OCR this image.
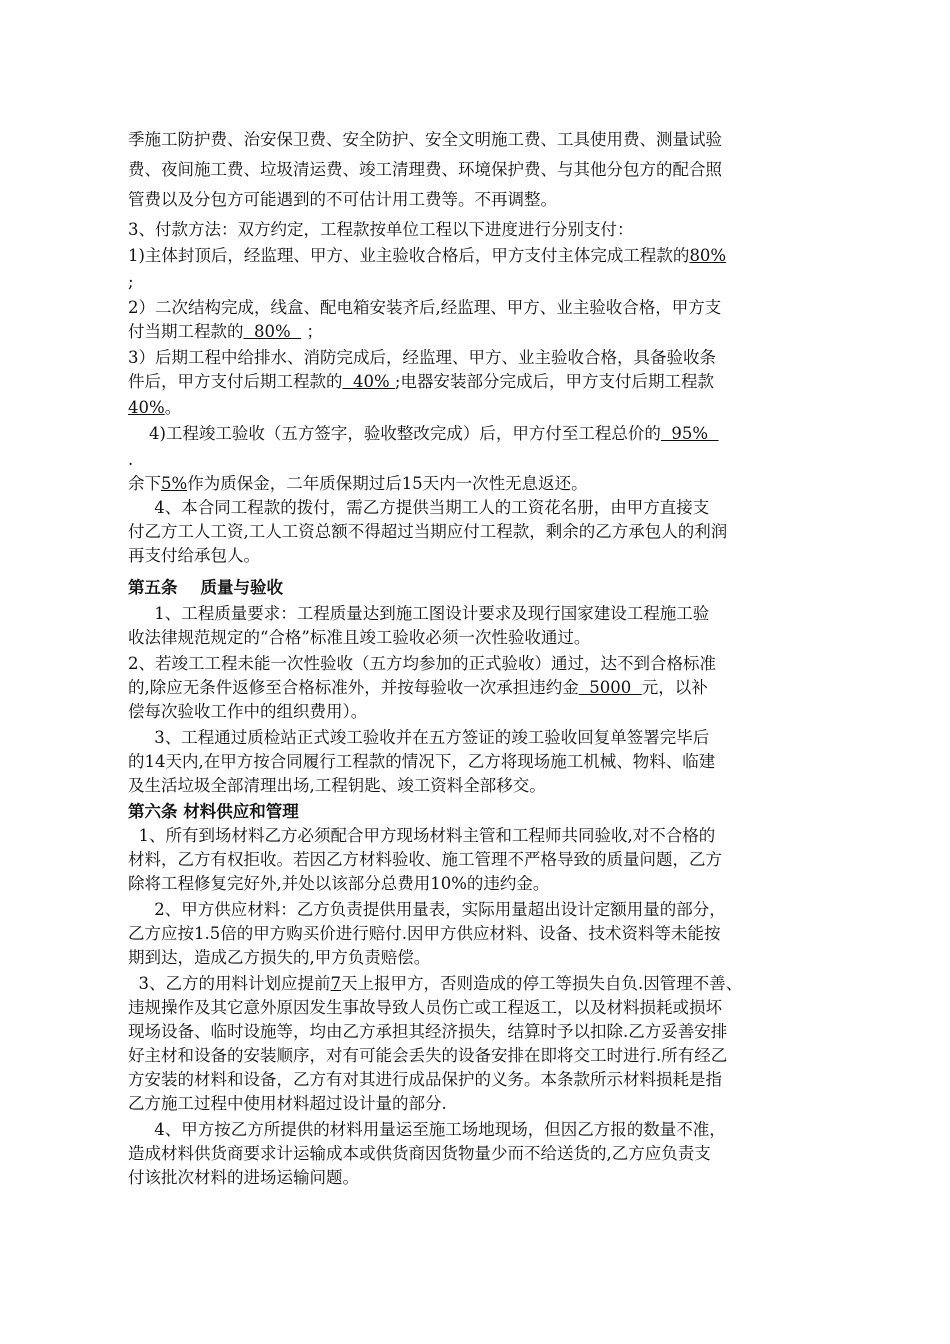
季施工防护费、治安保卫费、安全防护、安全文明施工费、工具使用费、测量试验
费、夜间施工费、垃圾清运费、竣工清理费、环境保护费、与其他分包方的配合照
管费以及分包方可能遇到的不可估计用工费等。不再调整。
3、付款方法：双方约定，工程款按单位工程以下进度进行分别支付：
1)主体封顶后，经监理、甲方、业主验收合格后，甲方支付主体完成工程款的80%
;
2）二次结构完成，线盒、配电箱安装齐后,经监理、甲方、业主验收合格，甲方支
付当期工程款的  80%   ；
3）后期工程中给排水、消防完成后，经监理、甲方、业主验收合格，具备验收条
件后，甲方支付后期工程款的  40% ;电器安装部分完成后，甲方支付后期工程款
40%。
4)工程竣工验收（五方签字，验收整改完成）后，甲方付至工程总价的  95%
.
余下5%作为质保金，二年质保期过后15天内一次性无息返还。
4、本合同工程款的拨付，需乙方提供当期工人的工资花名册，由甲方直接支
付乙方工人工资,工人工资总额不得超过当期应付工程款，剩余的乙方承包人的利润
再支付给承包人。
第五条    质量与验收
1、工程质量要求：工程质量达到施工图设计要求及现行国家建设工程施工验
收法律规范规定的“合格”标准且竣工验收必须一次性验收通过。
2、若竣工工程未能一次性验收（五方均参加的正式验收）通过，达不到合格标准
的,除应无条件返修至合格标准外，并按每验收一次承担违约金  5000  元，以补
偿每次验收工作中的组织费用）。
3、工程通过质检站正式竣工验收并在五方签证的竣工验收回复单签署完毕后
的14天内,在甲方按合同履行工程款的情况下，乙方将现场施工机械、物料、临建
及生活垃圾全部清理出场,工程钥匙、竣工资料全部移交。
第六条 材料供应和管理
1、所有到场材料乙方必须配合甲方现场材料主管和工程师共同验收,对不合格的
材料，乙方有权拒收。若因乙方材料验收、施工管理不严格导致的质量问题，乙方
除将工程修复完好外,并处以该部分总费用10%的违约金。
2、甲方供应材料：乙方负责提供用量表，实际用量超出设计定额用量的部分，
乙方应按1.5倍的甲方购买价进行赔付.因甲方供应材料、设备、技术资料等未能按
期到达，造成乙方损失的,甲方负责赔偿。
3、乙方的用料计划应提前7天上报甲方，否则造成的停工等损失自负.因管理不善、
违规操作及其它意外原因发生事故导致人员伤亡或工程返工，以及材料损耗或损坏
现场设备、临时设施等，均由乙方承担其经济损失，结算时予以扣除.乙方妥善安排
好主材和设备的安装顺序，对有可能会丢失的设备安排在即将交工时进行.所有经乙
方安装的材料和设备，乙方有对其进行成品保护的义务。本条款所示材料损耗是指
乙方施工过程中使用材料超过设计量的部分.
4、甲方按乙方所提供的材料用量运至施工场地现场，但因乙方报的数量不准，
造成材料供货商要求计运输成本或供货商因货物量少而不给送货的,乙方应负责支
付该批次材料的进场运输问题。
